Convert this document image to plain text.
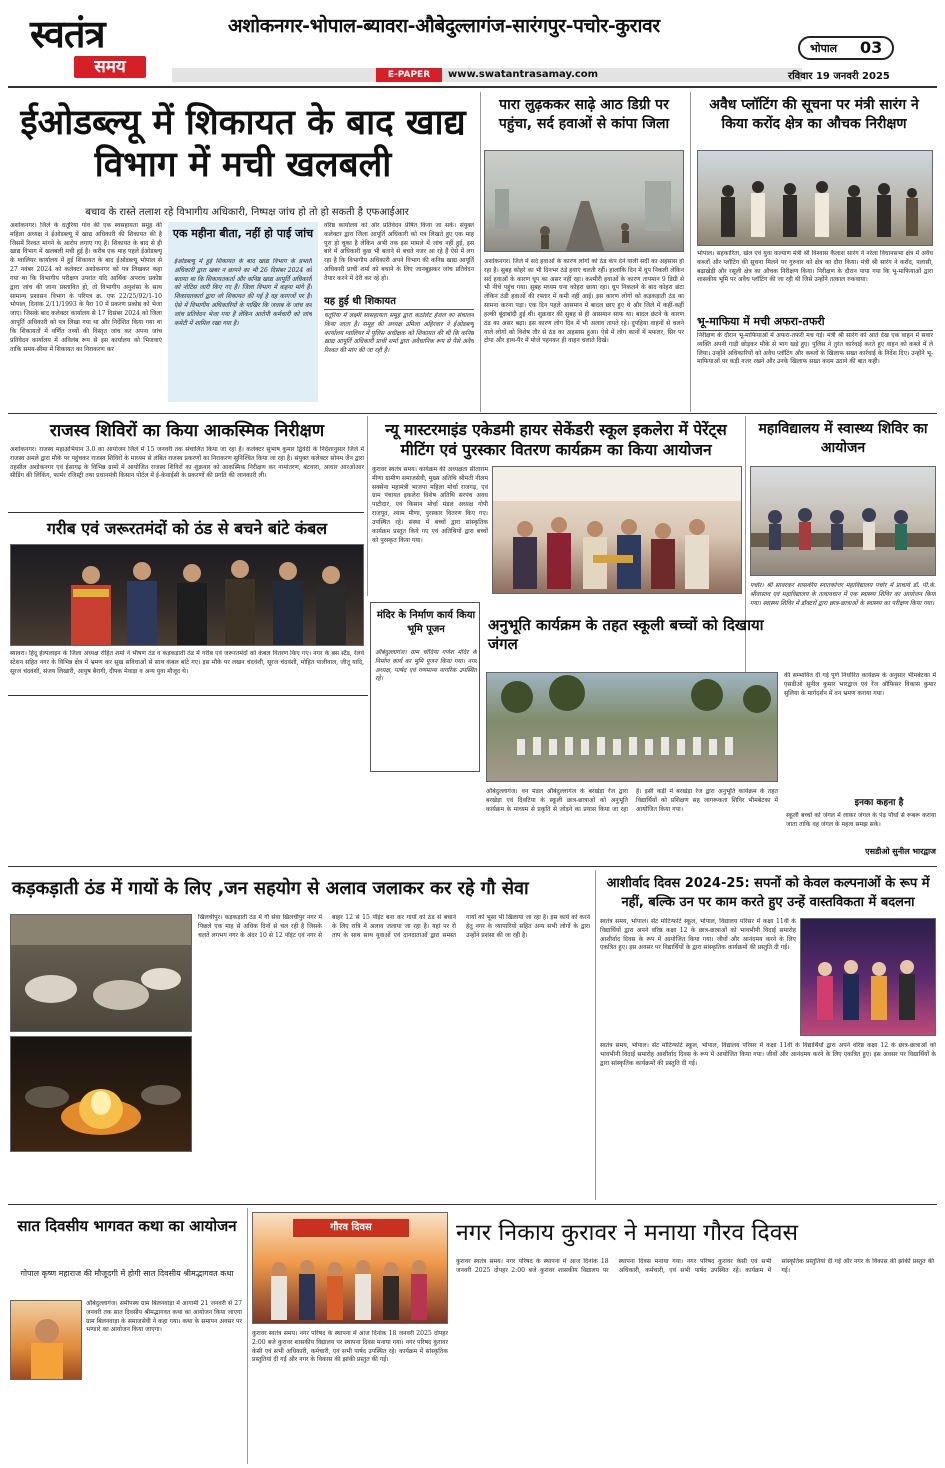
स्वतंत्र
समय
अशोकनगर-भोपाल-ब्यावरा-औबेदुल्लागंज-सारंगपुर-पचोर-कुरावर
E-PAPER	www.swatantrasamay.com
भोपाल 03
रविवार 19 जनवरी 2025
ईओडब्ल्यू में शिकायत के बाद खाद्य विभाग में मची खलबली
बचाव के रास्ते तलाश रहे विभागीय अधिकारी, निष्पक्ष जांच हो तो हो सकती है एफआईआर
अशोकनगर। जिले के धतूरिया गांव की एक स्वसहायता समूह की महिला अध्यक्ष ने ईओडब्ल्यू में खाद्य अधिकारी की शिकायत की है जिसमें रिश्वत मांगने के आरोप लगाए गए हैं। शिकायत के बाद से ही खाद्य विभाग में खलबली मची हुई है। करीब एक माह पहले ईओडब्ल्यू के ग्वालियर कार्यालय में हुई शिकायत के बाद ईओडब्ल्यू भोपाल से 27 नवंबर 2024 को कलेक्टर अशोकनगर को पत्र लिखकर कहा गया था कि विभागीय परीक्षण उपरांत यदि आर्थिक अपराध प्रकोष्ठ द्वारा जांच की जाना प्रस्तावित हो, तो विभागीय अनुशंसा के साथ सामान्य प्रशासन विभाग के परिपत्र क्र. एफ 22/25/92/1-10 भोपाल, दिनांक 2/11/1993 के पैरा 10 में प्रकरण प्रकोष्ठ को भेजा जाए। जिसके बाद कलेक्टर कार्यालय से 17 दिसंबर 2024 को जिला आपूर्ति अधिकारी को पत्र लिखा गया था और निर्देशित किया गया था कि शिकायतों में वर्णित तथ्यों की विस्तृत जांच कर अपना जांच प्रतिवेदन कार्यालय में अविलंब रूप से इस कार्यालय को भिजवाएं ताकि समय-सीमा में शिकायत का निराकरण कर
एक महीना बीता, नहीं हो पाई जांच
ईओडब्ल्यू में हुई शिकायत के बाद खाद्य विभाग के प्रभारी अधिकारी द्वारा खबर न छापने का भी 26 दिसंबर 2024 को बताया था कि शिकायतकर्ता और कनिष्ठ खाद्य आपूर्ति अधिकारी को नोटिस जारी किए गए हैं। जिला विभाग में कहना मांगे हैं। शिकायतकर्ता द्वारा जो शिकायत की गई है वह कागजों पर है। ऐसे में विभागीय अधिकारियों के पाखिर कि जवाब के जांच कर जांच प्रतिवेदन भेजा गया है लेकिन आरोपी कर्मचारी को जांच कमेटी में शामिल रखा गया है।
वरिष्ठ कार्यालय को ओर प्रतिवेदन प्रेषित किया जा सके। संयुक्त कलेक्टर द्वारा जिला आपूर्ति अधिकारी को पत्र लिखते हुए एक माह पूरा हो चुका है लेकिन अभी तक इस मामले में जांच नहीं हुई, इस बारे में अधिकारी कुछ भी बताने से बचते नजर आ रहे हैं ऐसे में लग रहा है कि विभागीय अधिकारी अपने विभाग की कनिष्ठ खाद्य आपूर्ति अधिकारी प्राची शर्मा को बचाने के लिए जानबूझकर जांच प्रतिवेदन तैयार करने में देरी कर रहे हो।
यह हुई थी शिकायत
धतूरिया में लक्ष्मी स्वसहायता समूह द्वारा कठोलेट हेजल का संचालन किया जाता है। समूह की अध्यक्ष उमिला अहिरवार ने ईओडब्ल्यू कार्यालय ग्वालियर में पुलिस अधीक्षक को शिकायत की थी कि कनिष्ठ खाद्य आपूर्ति अधिकारी प्राची शर्मा द्वारा अवैधानिक रूप से पैसे अवैध रिश्वत की मांग की जा रही है।
पारा लुढ़ककर साढ़े आठ डिग्री पर पहुंचा, सर्द हवाओं से कांपा जिला
अशोकनगर। जिले में सर्द हवाओं के कारण लोगों को ठंड कंप देने वाली सर्दी का अहसास हो रहा है। सुबह कोहरे का भी दिनभर ठंडे हवाएं चलती रहीं। हालांकि दिन में धूप निकली लेकिन सर्द हवाओं के कारण धूप का असर नहीं रहा। कश्मीरी हवाओं के कारण तापमान 9 डिग्री से भी नीचे पहुंच गया। सुबह मध्यम घना कोहरा छाया रहा। धूप निकलने के बाद कोहरा छंटा लेकिन ठंडी हवाओं की रफ्तार में कमी नहीं आई। इस कारण लोगों को कड़कड़ाती ठंड का सामना करना पड़ा। एक दिन पहले आसमान में बादल छाए हुए थे और जिले में कहीं-कहीं हल्की बूंदाबांदी हुई थी। शुक्रवार की सुबह से ही आसमान साफ था। बादल छंटने के कारण ठंड का असर बढ़ा। इस कारण लोग दिन में भी अलाव तापते रहे। दुपहिया वाहनों से चलने वाले लोगों को विशेष तौर से ठंड का अहसास हुआ। ऐसे में लोग कानों में मफलर, सिर पर टोपा और हाथ-पैर में मोजे पहनकर ही वाहन चलाते दिखे।
अवैध प्लॉटिंग की सूचना पर मंत्री सारंग ने किया करोंद क्षेत्र का औचक निरीक्षण
भोपाल। सहकारिता, खेल एवं युवा कल्याण मंत्री श्री विश्वास कैलाश सारंग ने नरेला विधानसभा क्षेत्र में अवैध कब्जों और प्लॉटिंग की सूचना मिलने पर गुरुवार को क्षेत्र का दौरा किया। मंत्री श्री सारंग ने करोंद, पलासी, बढ़ाखेड़ी और रसूली क्षेत्र का औचक निरीक्षण किया। निरीक्षण के दौरान पाया गया कि भू-माफियाओं द्वारा शासकीय भूमि पर अवैध प्लॉटिंग की जा रही थी जिसे उन्होंने तत्काल रुकवाया।
भू-माफिया में मची अफरा-तफरी
निरीक्षण के दौरान भू-माफियाओं में अफरा-तफरी मच गई। मंत्री श्री सारंग को आते देख एक वाहन में सवार व्यक्ति अपनी गाड़ी छोड़कर मौके से भाग खड़े हुए। पुलिस ने तुरंत कार्रवाई करते हुए वाहन को कब्जे में ले लिया। उन्होंने अधिकारियों को अवैध प्लॉटिंग और कब्जों के खिलाफ सख्त कार्रवाई के निर्देश दिए। उन्होंने भू-माफियाओं पर कड़ी नजर रखने और उनके खिलाफ सख्त कदम उठाने की बात कही।
राजस्व शिविरों का किया आकस्मिक निरीक्षण
अशोकनगर। राजस्व महाअभियान 3.0 का आयोजन जिले में 15 जनवरी तक संचालित किया जा रहा है। कलेक्टर सुभाष कुमार द्विवेदी के निर्देशानुसार जिले में राजस्व अमले द्वारा मौके पर पहुंचकर राजस्व शिविरों के माध्यम से लंबित राजस्व प्रकरणों का निराकरण सुनिश्चित किया जा रहा है। संयुक्त कलेक्टर सोनम जैन द्वारा तहसील अशोकनगर एवं ईसागढ़ के विभिन्न ग्रामों में आयोजित राजस्व शिविरों का शुक्रवार को आकस्मिक निरीक्षण कर नामांतरण, बंटवारा, आधार आरओआर सीडिंग की लिंकिंग, फार्मर रजिस्ट्री तथा प्रधानमंत्री किसान पोर्टल में ई-केवाईसी के प्रकरणों की प्रगति की जानकारी ली।
गरीब एवं जरूरतमंदों को ठंड से बचने बांटे कंबल
ब्यावरा। हिंदू हेल्पलाइन के जिला अध्यक्ष रोहित शर्मा ने भीषण ठंड व कड़कड़ाती ठंड में गरीब एवं जरूरतमंदों को कंबल वितरण किए गए। नगर के बस स्टैंड, रेलवे स्टेशन सहित नगर के विभिन्न क्षेत्र में भ्रमण कर सुख सविधाओं से साथ कंबल बांटे गए। इस मौके पर लखन चंदवंशी, सूरज चंदवंशी, मोहित पालीवाल, जीतू यादि, सूरज चंदवंशी, संजय लिखारी, आयुष बैरागी, दीपक मेवाड़ा व अन्य युवा मौजूद थे।
न्यू मास्टरमाइंड एकेडमी हायर सेकेंडरी स्कूल इकलेरा में पेरेंट्स मीटिंग एवं पुरस्कार वितरण कार्यक्रम का किया आयोजन
कुरावर स्वतंत्र समय। कार्यक्रम की अध्यक्षता सीताराम मीणा ग्रामीण समाजसेवी, मुख्य अतिथि श्रीमती नीलम सक्सेना महामंत्री भाजपा महिला मोर्चा राजगढ़, एवं ग्राम पंचायत इकलेरा विशेष अतिथि सरपंच अवध पाटीदार, एवं किसान मोर्चा मंडल अध्यक्ष गोपी राजपूत, श्याम मीणा, पुरस्कार वितरण किए गए। उपस्थित रहे। संस्था में बच्चों द्वारा सांस्कृतिक कार्यक्रम प्रस्तुत किये गए एवं अतिथियों द्वारा बच्चों को पुरस्कृत किया गया।
महाविद्यालय में स्वास्थ्य शिविर का आयोजन
पचोर। श्री सावरकर शासकीय स्नातकोत्तर महाविद्यालय पचोर में प्राचार्य डॉ. पी.के. श्रीवास्तव एवं महाविद्यालय के तत्वावधान में एक स्वास्थ्य शिविर का आयोजन किया गया। स्वास्थ्य शिविर में डॉक्टरों द्वारा छात्र-छात्राओं के स्वास्थ्य का परीक्षण किया गया।
मंदिर के निर्माण कार्य किया भूमि पूजन
औबेदुल्लागंज। ग्राम चाँदिया गणेश मंदिर के निर्माण कार्य का भूमि पूजन किया गया। नगर अध्यक्ष, पार्षद एवं गणमान्य नागरिक उपस्थित रहे।
अनुभूति कार्यक्रम के तहत स्कूली बच्चों को दिखाया जंगल
की सम्भावित दी गई पूर्ण निर्धारित कार्यक्रम के अनुसार भीमबेटका में एसडीओ सुनील कुमार भारद्वाज एवं रेंज ऑफिसर विकास कुमार सुलिया के मार्गदर्शन में वन भ्रमण कराया गया।
औबेदुल्लागंज। वन मंडल औबेदुल्लागंज के बरखेड़ा रेंज द्वारा बरखेड़ा एवं दिवटिया के स्कूली छात्र-छात्राओं को अनुभूति कार्यक्रम के माध्यम से प्रकृति से जोड़ने का प्रयास किया जा रहा है। इसी कड़ी में बरखेड़ा रेंज द्वारा अनुभूति कार्यक्रम के तहत विद्यार्थियों को प्रशिक्षण सह जागरूकता शिविर भीमबेटका में आयोजित किया गया।
इनका कहना है
स्कूली बच्चों को जंगल में लाकर जंगल के पेड़ पौधों से रूबरू कराया जाता ताकि वह जंगल के महत्व समझ सके।
एसडीओ सुनील भारद्वाज
कड़कड़ाती ठंड में गायों के लिए ,जन सहयोग से अलाव जलाकर कर रहे गौ सेवा
खिलचीपुर। कड़कड़ाती ठंड में गौ सेवा खिलचीपुर नगर में पिछले एक माह से अधिक दिनों से चल रही है जिसके चलते लगभग नगर के अंदर 10 से 12 पॉइंट एवं नगर से बाहर 12 से 15 पॉइंट बना कर गायों को ठंड से बचाने के लिए रात्रि में अलाव जलाया जा रहा है। यहां पर रो ताप के साथ साथ युवाओं एवं दानदाताओं द्वारा समस्त गायों को भूसा भी खिलाया जा रहा है। इस कार्य को करने हेतु नगर के व्यापारियों सहित अन्य सभी लोगों के द्वारा उन्होंने प्रशंसा की जा रही है।
आशीर्वाद दिवस 2024-25: सपनों को केवल कल्पनाओं के रूप में नहीं, बल्कि उन पर काम करते हुए उन्हें वास्तविकता में बदलना
स्वतंत्र समय, भोपाल। सेंट मोटिन्फोर्ट स्कूल, भोपाल, विद्यालय परिसर में कक्षा 11वीं के विद्यार्थियों द्वारा अपने वरिष्ठ कक्षा 12 के छात्र-छात्राओं को भावभीनी विदाई समारोह आशीर्वाद दिवस के रूप में आयोजित किया गया। जीवों और आनंदमय करने के लिए एकत्रित हुए। इस अवसर पर विद्यार्थियों के द्वारा सांस्कृतिक कार्यक्रमों की प्रस्तुति दी गई।
स्वतंत्र समय, भोपाल। सेंट मोटिन्फोर्ट स्कूल, भोपाल, विद्यालय परिसर में कक्षा 11वीं के विद्यार्थियों द्वारा अपने वरिष्ठ कक्षा 12 के छात्र-छात्राओं को भावभीनी विदाई समारोह आशीर्वाद दिवस के रूप में आयोजित किया गया। जीवों और आनंदमय करने के लिए एकत्रित हुए। इस अवसर पर विद्यार्थियों के द्वारा सांस्कृतिक कार्यक्रमों की प्रस्तुति दी गई।
सात दिवसीय भागवत कथा का आयोजन
गोपाल कृष्ण महाराज की मौजूदगी में होगी सात दिवसीय श्रीमद्भागवत कथा
औबेदुल्लागंज। समीपस्थ ग्राम बिलनवाड़ा में आगामी 21 जनवरी से 27 जनवरी तक सात दिवसीय श्रीमद्भागवत कथा का आयोजन किया जाएगा ग्राम बिलनवाड़ा के समाजसेवी ने कहा गया। कथा के समापन अवसर पर भण्डारे का आयोजन किया जाएगा।
गौरव दिवस	नगर निकाय कुरावर ने मनाया गौरव दिवस
कुरावर स्वतंत्र समय। नगर परिषद के स्थापना में आज दिनांक 18 जनवरी 2025 दोपहर 2:00 बजे कुरावर शासकीय विद्यालय पर स्थापना दिवस मनाया गया। नगर परिषद कुरावर केसी एवं सभी अधिकारी, कर्मचारी, एवं सभी पार्षद उपस्थित रहे। कार्यक्रम में सांस्कृतिक प्रस्तुतियां दी गईं और नगर के विकास की झांकी प्रस्तुत की गई।
कुरावर स्वतंत्र समय। नगर परिषद के स्थापना में आज दिनांक 18 जनवरी 2025 दोपहर 2:00 बजे कुरावर शासकीय विद्यालय पर स्थापना दिवस मनाया गया। नगर परिषद कुरावर केसी एवं सभी अधिकारी, कर्मचारी, एवं सभी पार्षद उपस्थित रहे। कार्यक्रम में सांस्कृतिक प्रस्तुतियां दी गईं और नगर के विकास की झांकी प्रस्तुत की गई।
